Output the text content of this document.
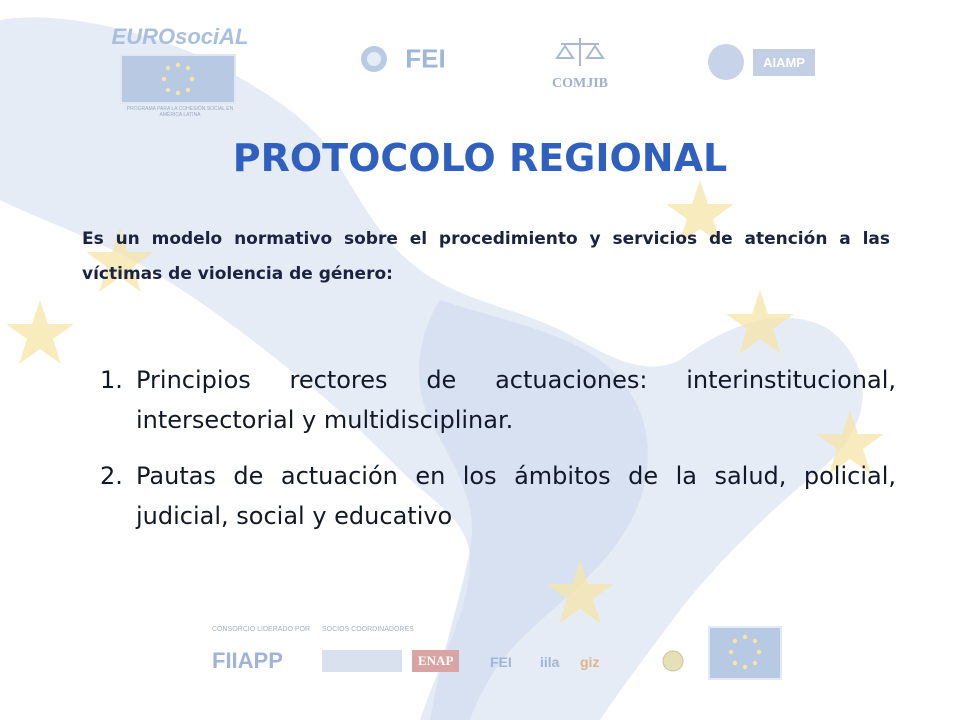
EUROsociAL
PROGRAMA PARA LA COHESIÓN SOCIAL EN AMÉRICA LATINA
FEI
COMJIB
AIAMP
PROTOCOLO REGIONAL
Es un modelo normativo sobre el procedimiento y servicios de atención a las víctimas de violencia de género:
1. Principios rectores de actuaciones: interinstitucional, intersectorial y multidisciplinar.
2. Pautas de actuación en los ámbitos de la salud, policial, judicial, social y educativo
CONSORCIO LIDERADO POR SOCIOS COORDINADORES
FIIAPP	ENAP	FEI iila giz
